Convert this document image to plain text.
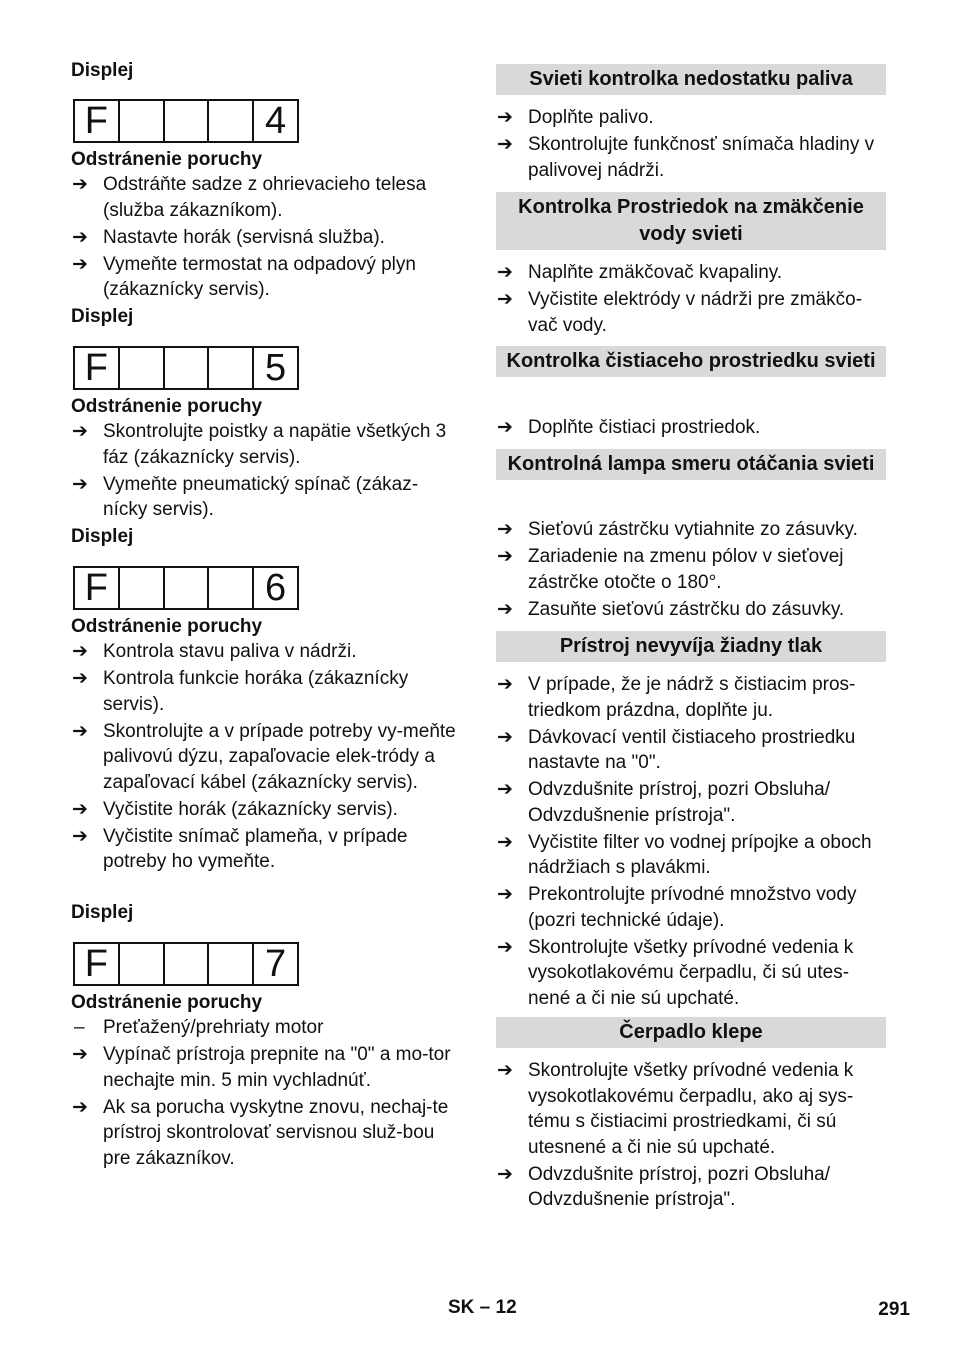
Displej
F	4
Odstránenie poruchy
➔ Odstráňte sadze z ohrievacieho telesa (služba zákazníkom).
➔ Nastavte horák (servisná služba).
➔ Vymeňte termostat na odpadový plyn (zákaznícky servis).
Displej
F	5
Odstránenie poruchy
➔ Skontrolujte poistky a napätie všetkých 3 fáz (zákaznícky servis).
➔ Vymeňte pneumatický spínač (zákaz-nícky servis).
Displej
F	6
Odstránenie poruchy
➔ Kontrola stavu paliva v nádrži.
➔ Kontrola funkcie horáka (zákaznícky servis).
➔ Skontrolujte a v prípade potreby vy-meňte palivovú dýzu, zapaľovacie elek-tródy a zapaľovací kábel (zákaznícky servis).
➔ Vyčistite horák (zákaznícky servis).
➔ Vyčistite snímač plameňa, v prípade potreby ho vymeňte.
Displej
F	7
Odstránenie poruchy
– Preťažený/prehriaty motor
➔ Vypínač prístroja prepnite na "0" a mo-tor nechajte min. 5 min vychladnúť.
➔ Ak sa porucha vyskytne znovu, nechaj-te prístroj skontrolovať servisnou služ-bou pre zákazníkov.
Svieti kontrolka nedostatku paliva
➔ Doplňte palivo.
➔ Skontrolujte funkčnosť snímača hladiny v palivovej nádrži.
Kontrolka Prostriedok na zmäkčenie vody svieti
➔ Naplňte zmäkčovač kvapaliny.
➔ Vyčistite elektródy v nádrži pre zmäkčo-vač vody.
Kontrolka čistiaceho prostriedku svieti
➔ Doplňte čistiaci prostriedok.
Kontrolná lampa smeru otáčania svieti
➔ Sieťovú zástrčku vytiahnite zo zásuvky.
➔ Zariadenie na zmenu pólov v sieťovej zástrčke otočte o 180°.
➔ Zasuňte sieťovú zástrčku do zásuvky.
Prístroj nevyvíja žiadny tlak
➔ V prípade, že je nádrž s čistiacim pros-triedkom prázdna, doplňte ju.
➔ Dávkovací ventil čistiaceho prostriedku nastavte na "0".
➔ Odvzdušnite prístroj, pozri Obsluha/ Odvzdušnenie prístroja".
➔ Vyčistite filter vo vodnej prípojke a oboch nádržiach s plavákmi.
➔ Prekontrolujte prívodné množstvo vody (pozri technické údaje).
➔ Skontrolujte všetky prívodné vedenia k vysokotlakovému čerpadlu, či sú utes-nené a či nie sú upchaté.
Čerpadlo klepe
➔ Skontrolujte všetky prívodné vedenia k vysokotlakovému čerpadlu, ako aj sys-tému s čistiacimi prostriedkami, či sú utesnené a či nie sú upchaté.
➔ Odvzdušnite prístroj, pozri Obsluha/ Odvzdušnenie prístroja".
SK – 12	291
